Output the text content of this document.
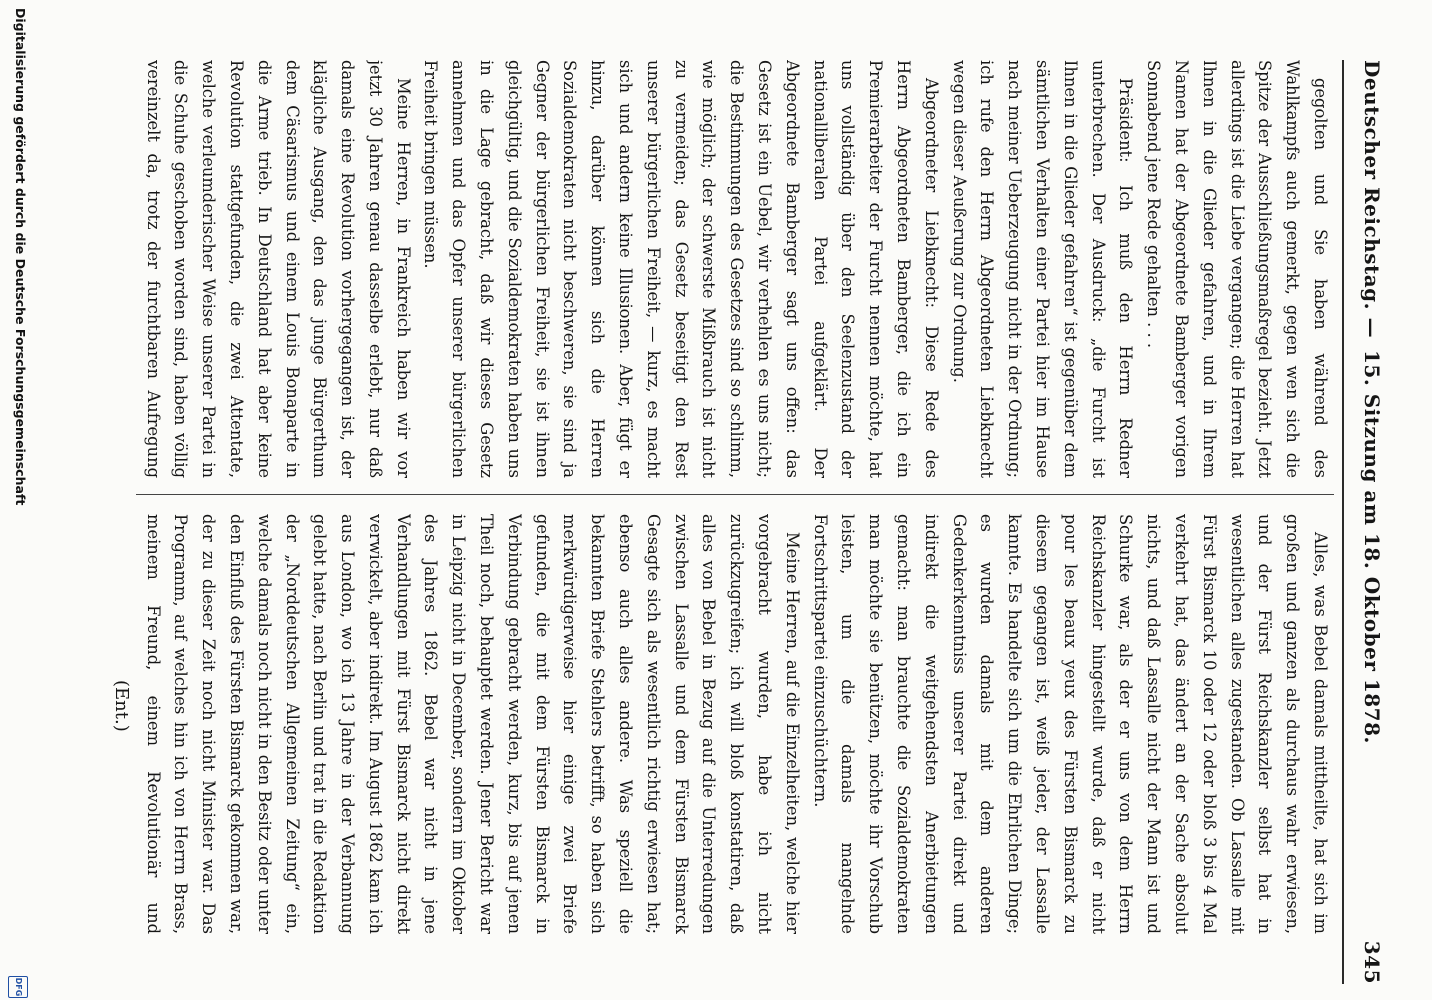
Deutscher Reichstag. —
15. Sitzung am 18. Oktober 1878.
345

gegolten und Sie haben während des Wahlkampfs auch gemerkt, gegen wen sich die Spitze der Ausschließungsmaßregel bezieht. Jetzt allerdings ist die Liebe vergangen; die Herren hat Ihnen in die Glieder gefahren, und in Ihrem Namen hat der Abgeordnete Bamberger vorigen Sonnabend jene Rede gehalten . . .

Präsident: Ich muß den Herrn Redner unterbrechen. Der Ausdruck: „die Furcht ist Ihnen in die Glieder gefahren“ ist gegenüber dem sämtlichen Verhalten einer Partei hier im Hause nach meiner Ueberzeugung nicht in der Ordnung; ich rufe den Herrn Abgeordneten Liebknecht wegen dieser Aeußerung zur Ordnung.

Abgeordneter Liebknecht: Diese Rede des Herrn Abgeordneten Bamberger, die ich ein Premierarbeiter der Furcht nennen möchte, hat uns vollständig über den Seelenzustand der nationalliberalen Partei aufgeklärt. Der Abgeordnete Bamberger sagt uns offen: das Gesetz ist ein Uebel, wir verhehlen es uns nicht; die Bestimmungen des Gesetzes sind so schlimm, wie möglich; der schwerste Mißbrauch ist nicht zu vermeiden; das Gesetz beseitigt den Rest unserer bürgerlichen Freiheit, — kurz, es macht sich und andern keine Illusionen. Aber, fügt er hinzu, darüber können sich die Herren Sozialdemokraten nicht beschweren, sie sind ja Gegner der bürgerlichen Freiheit, sie ist ihnen gleichgültig, und die Sozialdemokraten haben uns in die Lage gebracht, daß wir dieses Gesetz annehmen und das Opfer unserer bürgerlichen Freiheit bringen müssen.

Meine Herren, in Frankreich haben wir vor jetzt 30 Jahren genau dasselbe erlebt, nur daß damals eine Revolution vorhergegangen ist, der klägliche Ausgang, den das junge Bürgerthum dem Cäsarismus und einem Louis Bonaparte in die Arme trieb. In Deutschland hat aber keine Revolution stattgefunden, die zwei Attentate, welche verleumderischer Weise unserer Partei in die Schuhe geschoben worden sind, haben völlig vereinzelt da, trotz der furchtbaren Aufregung

Alles, was Bebel damals mittheilte, hat sich im großen und ganzen als durchaus wahr erwiesen, und der Fürst Reichskanzler selbst hat in wesentlichen alles zugestanden. Ob Lassalle mit Fürst Bismarck 10 oder 12 oder bloß 3 bis 4 Mal verkehrt hat, das ändert an der Sache absolut nichts, und daß Lassalle nicht der Mann ist und Schurke war, als der er uns von dem Herrn Reichskanzler hingestellt wurde, daß er nicht pour les beaux yeux des Fürsten Bismarck zu diesem gegangen ist, weiß jeder, der Lassalle kannte. Es handelte sich um die Ehrlichen Dinge; es wurden damals mit dem anderen Gedenkerkenntniss unserer Partei direkt und indirekt die weitgehendsten Anerbietungen gemacht: man brauchte die Sozialdemokraten man möchte sie benützen, möchte ihr Vorschub leisten, um die damals mangelnde Fortschrittspartei einzuschüchtern.

Meine Herren, auf die Einzelheiten, welche hier vorgebracht wurden, habe ich nicht zurückzugreifen; ich will bloß konstatiren, daß alles von Bebel in Bezug auf die Unterredungen zwischen Lassalle und dem Fürsten Bismarck Gesagte sich als wesentlich richtig erwiesen hat; ebenso auch alles andere. Was speziell die bekannten Briefe Stehlers betrifft, so haben sich merkwürdigerweise hier einige zwei Briefe gefunden, die mit dem Fürsten Bismarck in Verbindung gebracht werden, kurz, bis auf jenen Theil noch, behauptet werden. Jener Bericht war in Leipzig nicht in December, sondern im Oktober des Jahres 1862. Bebel war nicht in jene Verhandlungen mit Fürst Bismarck nicht direkt verwickelt, aber indirekt. Im August 1862 kam ich aus London, wo ich 13 Jahre in der Verbannung gelebt hatte, nach Berlin und trat in die Redaktion der „Norddeutschen Allgemeinen Zeitung“ ein, welche damals noch nicht in den Besitz oder unter den Einfluß des Fürsten Bismarck gekommen war, der zu dieser Zeit noch nicht Minister war. Das Programm, auf welches hin ich von Herrn Brass, meinem Freund, einem Revolutionär und

(Ent.)
Digitalisierung gefördert durch die Deutsche Forschungsgemeinschaft
DFG
